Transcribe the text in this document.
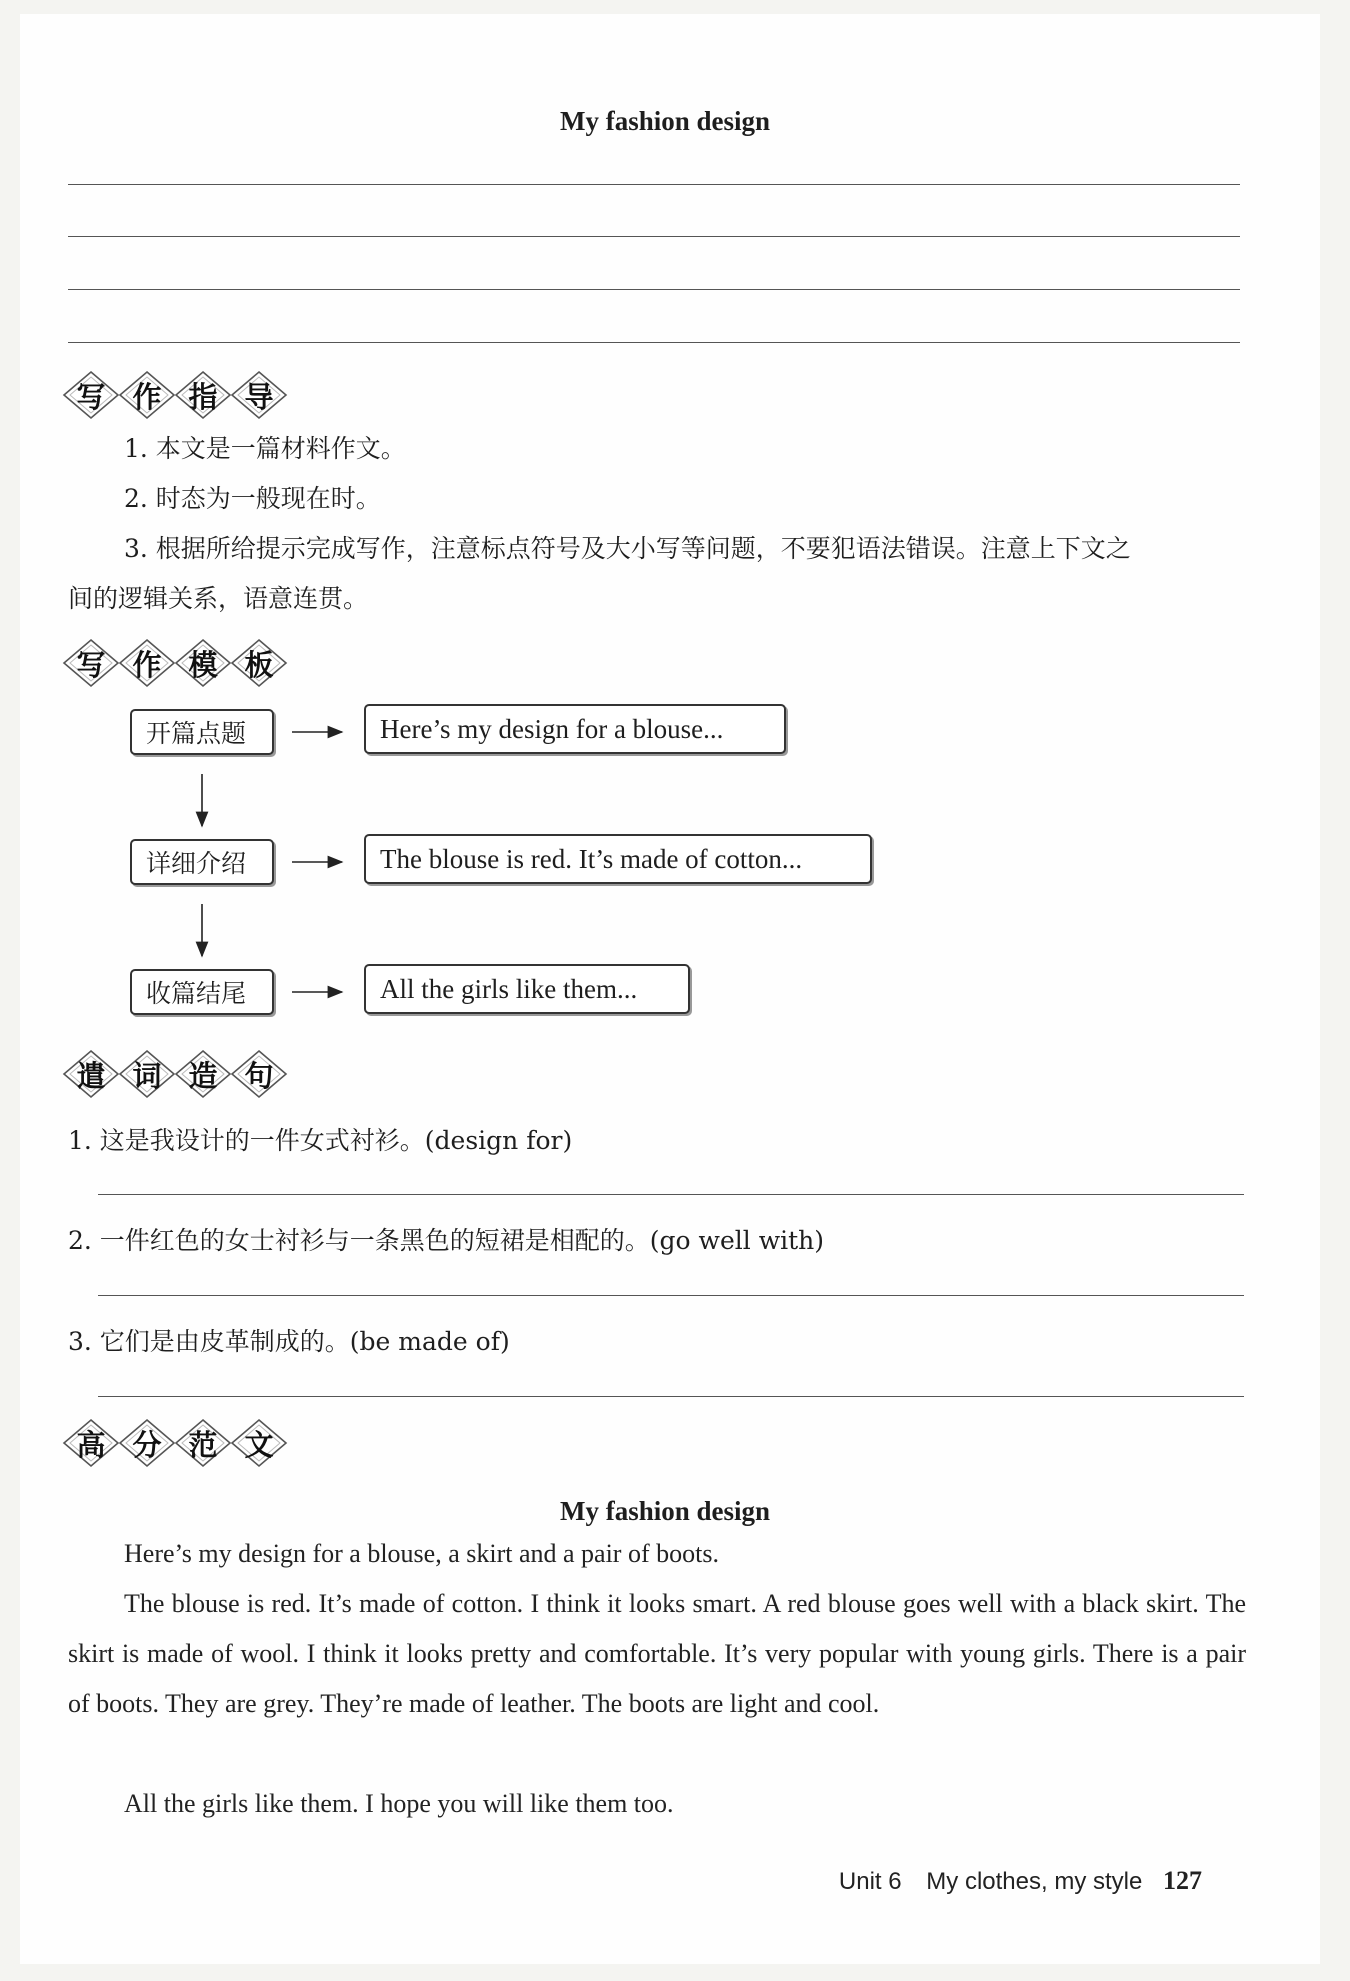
My fashion design
写 作 指 导
1. 本文是一篇材料作文。
2. 时态为一般现在时。
3. 根据所给提示完成写作，注意标点符号及大小写等问题，不要犯语法错误。注意上下文之
间的逻辑关系，语意连贯。
写 作 模 板
开篇点题	Here’s my design for a blouse...
详细介绍	The blouse is red. It’s made of cotton...
收篇结尾	All the girls like them...
遣 词 造 句
1. 这是我设计的一件女式衬衫。(design for)
2. 一件红色的女士衬衫与一条黑色的短裙是相配的。(go well with)
3. 它们是由皮革制成的。(be made of)
高 分 范 文
My fashion design
Here’s my design for a blouse, a skirt and a pair of boots.
The blouse is red. It’s made of cotton. I think it looks smart. A red blouse goes well with a black skirt. The skirt is made of wool. I think it looks pretty and comfortable. It’s very popular with young girls. There is a pair of boots. They are grey. They’re made of leather. The boots are light and cool.
All the girls like them. I hope you will like them too.
Unit 6 My clothes, my style 127
